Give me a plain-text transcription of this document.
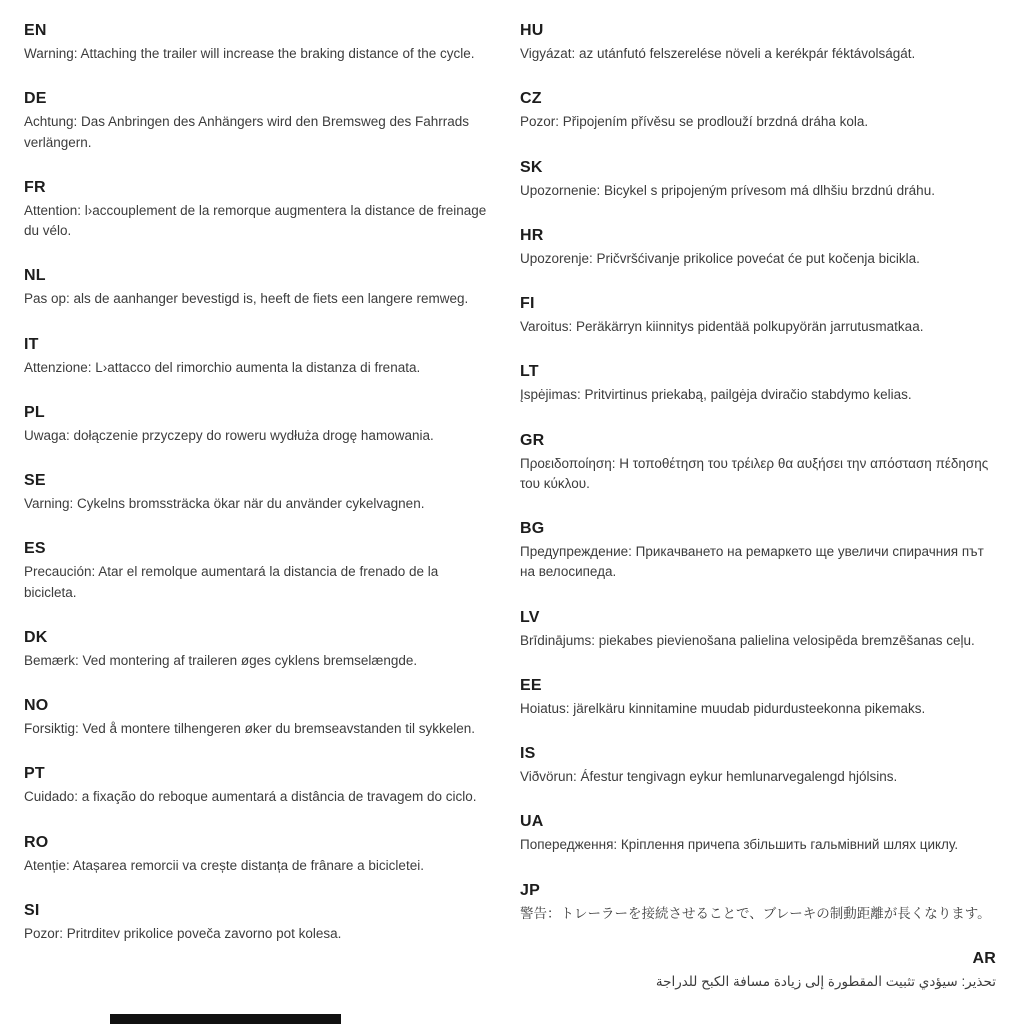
EN

Warning: Attaching the trailer will increase the braking distance of the cycle.

DE

Achtung: Das Anbringen des Anhängers wird den Bremsweg des Fahrrads verlängern.

FR

Attention: l›accouplement de la remorque augmentera la distance de freinage du vélo.

NL

Pas op: als de aanhanger bevestigd is, heeft de fiets een langere remweg.

IT

Attenzione: L›attacco del rimorchio aumenta la distanza di frenata.

PL

Uwaga: dołączenie przyczepy do roweru wydłuża drogę hamowania.

SE

Varning: Cykelns bromssträcka ökar när du använder cykelvagnen.

ES

Precaución: Atar el remolque aumentará la distancia de frenado de la bicicleta.

DK

Bemærk: Ved montering af traileren øges cyklens bremselængde.

NO

Forsiktig: Ved å montere tilhengeren øker du bremseavstanden til sykkelen.

PT

Cuidado: a fixação do reboque aumentará a distância de travagem do ciclo.

RO

Atenție: Atașarea remorcii va crește distanța de frânare a bicicletei.

SI

Pozor: Pritrditev prikolice poveča zavorno pot kolesa.

HU

Vigyázat: az utánfutó felszerelése növeli a kerékpár féktávolságát.

CZ

Pozor: Připojením přívěsu se prodlouží brzdná dráha kola.

SK

Upozornenie: Bicykel s pripojeným prívesom má dlhšiu brzdnú dráhu.

HR

Upozorenje: Pričvršćivanje prikolice povećat će put kočenja bicikla.

FI

Varoitus: Peräkärryn kiinnitys pidentää polkupyörän jarrutusmatkaa.

LT

Įspėjimas: Pritvirtinus priekabą, pailgėja dviračio stabdymo kelias.

GR

Προειδοποίηση: Η τοποθέτηση του τρέιλερ θα αυξήσει την απόσταση πέδησης του κύκλου.

BG

Предупреждение: Прикачването на ремаркето ще увеличи спирачния път на велосипеда.

LV

Brīdinājums: piekabes pievienošana palielina velosipēda bremzēšanas ceļu.

EE

Hoiatus: järelkäru kinnitamine muudab pidurdusteekonna pikemaks.

IS

Viðvörun: Áfestur tengivagn eykur hemlunarvegalengd hjólsins.

UA

Попередження: Кріплення причепа збільшить гальмівний шлях циклу.

JP

警告：トレーラーを接続させることで、ブレーキの制動距離が長くなります。

AR

تحذير: سيؤدي تثبيت المقطورة إلى زيادة مسافة الكبح للدراجة
